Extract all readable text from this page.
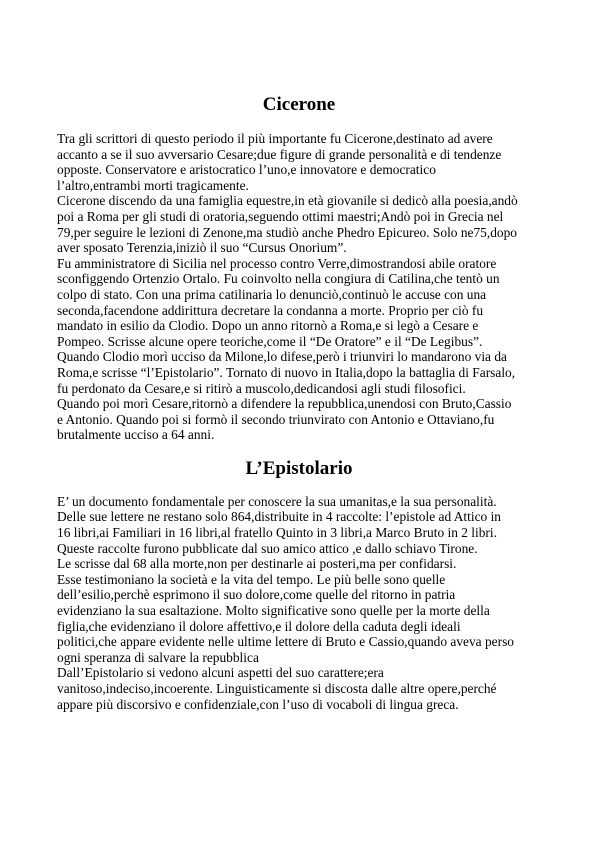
Cicerone

Tra gli scrittori di questo periodo il più importante fu Cicerone,destinato ad avere

accanto a se il suo avversario Cesare;due figure di grande personalità e di tendenze

opposte. Conservatore e aristocratico l’uno,e innovatore e democratico

l’altro,entrambi morti tragicamente.

Cicerone discendo da una famiglia equestre,in età giovanile si dedicò alla poesia,andò

poi a Roma per gli studi di oratoria,seguendo ottimi maestri;Andò poi in Grecia nel

79,per seguire le lezioni di Zenone,ma studiò anche Phedro Epicureo. Solo ne75,dopo

aver sposato Terenzia,iniziò il suo “Cursus Onorium”.

Fu amministratore di Sicilia nel processo contro Verre,dimostrandosi abile oratore

sconfiggendo Ortenzio Ortalo. Fu coinvolto nella congiura di Catilina,che tentò un

colpo di stato. Con una prima catilinaria lo denunciò,continuò le accuse con una

seconda,facendone addirittura decretare la condanna a morte. Proprio per ciò fu

mandato in esilio da Clodio. Dopo un anno ritornò a Roma,e si legò a Cesare e

Pompeo. Scrisse alcune opere teoriche,come il “De Oratore” e il “De Legibus”.

Quando Clodio morì ucciso da Milone,lo difese,però i triunviri lo mandarono via da

Roma,e scrisse “l’Epistolario”. Tornato di nuovo in Italia,dopo la battaglia di Farsalo,

fu perdonato da Cesare,e si ritirò a muscolo,dedicandosi agli studi filosofici.

Quando poi morì Cesare,ritornò a difendere la repubblica,unendosi con Bruto,Cassio

e Antonio. Quando poi si formò il secondo triunvirato con Antonio e Ottaviano,fu

brutalmente ucciso a 64 anni.

L’Epistolario

E’ un documento fondamentale per conoscere la sua umanitas,e la sua personalità.

Delle sue lettere ne restano solo 864,distribuite in 4 raccolte: l’epistole ad Attico in

16 libri,ai Familiari in 16 libri,al fratello Quinto in 3 libri,a Marco Bruto in 2 libri.

Queste raccolte furono pubblicate dal suo amico attico ,e dallo schiavo Tirone.

Le scrisse dal 68 alla morte,non per destinarle ai posteri,ma per confidarsi.

Esse testimoniano la società e la vita del tempo. Le più belle sono quelle

dell’esilio,perchè esprimono il suo dolore,come quelle del ritorno in patria

evidenziano la sua esaltazione. Molto significative sono quelle per la morte della

figlia,che evidenziano il dolore affettivo,e il dolore della caduta degli ideali

politici,che appare evidente nelle ultime lettere di Bruto e Cassio,quando aveva perso

ogni speranza di salvare la repubblica

Dall’Epistolario si vedono alcuni aspetti del suo carattere;era

vanitoso,indeciso,incoerente. Linguisticamente si discosta dalle altre opere,perché

appare più discorsivo e confidenziale,con l’uso di vocaboli di lingua greca.
